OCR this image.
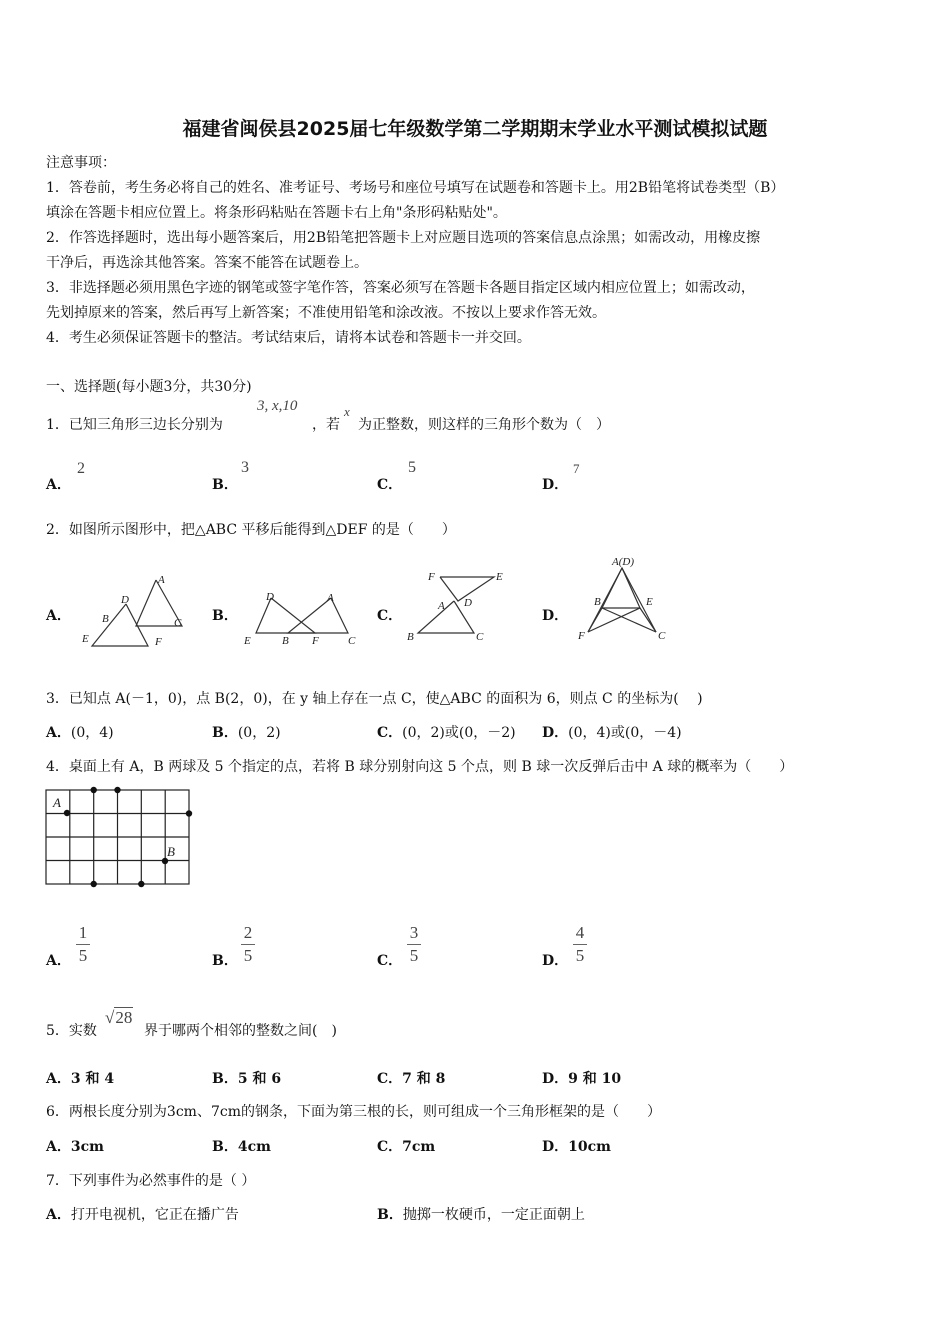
福建省闽侯县2025届七年级数学第二学期期末学业水平测试模拟试题
注意事项：
1．答卷前，考生务必将自己的姓名、准考证号、考场号和座位号填写在试题卷和答题卡上。用2B铅笔将试卷类型（B）
填涂在答题卡相应位置上。将条形码粘贴在答题卡右上角"条形码粘贴处"。
2．作答选择题时，选出每小题答案后，用2B铅笔把答题卡上对应题目选项的答案信息点涂黑；如需改动，用橡皮擦
干净后，再选涂其他答案。答案不能答在试题卷上。
3．非选择题必须用黑色字迹的钢笔或签字笔作答，答案必须写在答题卡各题目指定区域内相应位置上；如需改动，
先划掉原来的答案，然后再写上新答案；不准使用铅笔和涂改液。不按以上要求作答无效。
4．考生必须保证答题卡的整洁。考试结束后，请将本试卷和答题卡一并交回。
一、选择题(每小题3分，共30分)
1．已知三角形三边长分别为
3, x,10
，若
x
为正整数，则这样的三角形个数为（　）
A．
2
B．
3
C．
5
D．
7
2．如图所示图形中，把△ABC 平移后能得到△DEF 的是（　　）
A．
A
D
B	C
E	F
B．
D	A
E	B F	C
C．
F	E
A D
B	C
D．
A(D)
B	E
F	C
3．已知点 A(－1，0)，点 B(2，0)，在 y 轴上存在一点 C，使△ABC 的面积为 6，则点 C 的坐标为(　 )
A．(0，4)	B．(0，2)	C．(0，2)或(0，－2) D．(0，4)或(0，－4)
4．桌面上有 A，B 两球及 5 个指定的点，若将 B 球分别射向这 5 个点，则 B 球一次反弹后击中 A 球的概率为（　　）
A
B
A．
1
5	B．
2
5	C．
3
5	D．
4
5
5．实数
√28
界于哪两个相邻的整数之间(　)
A．3 和 4	B．5 和 6	C．7 和 8	D．9 和 10
6．两根长度分别为3cm、7cm的钢条，下面为第三根的长，则可组成一个三角形框架的是（　　）
A．3cm	B．4cm	C．7cm	D．10cm
7．下列事件为必然事件的是（ ）
A．打开电视机，它正在播广告	B．抛掷一枚硬币，一定正面朝上
